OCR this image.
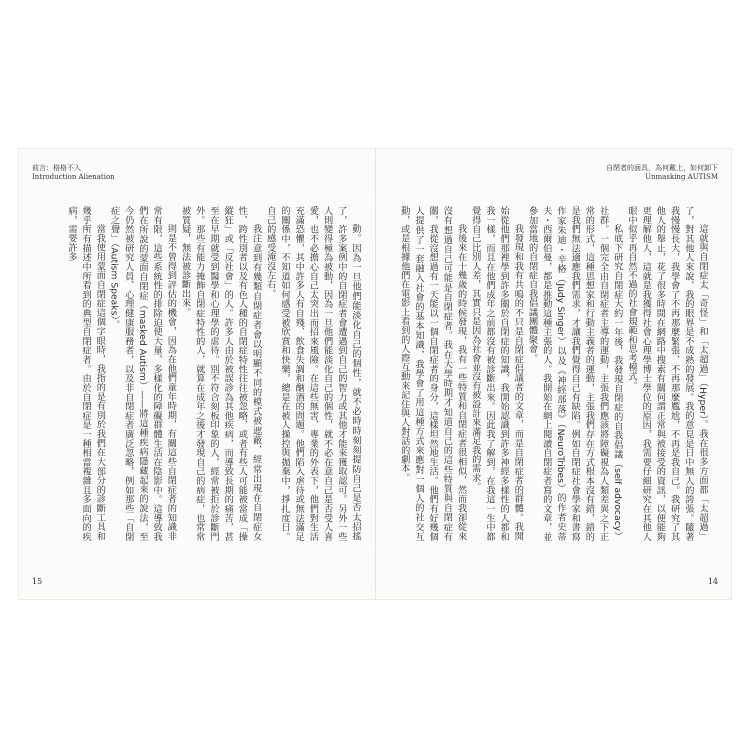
前言：格格不入
Introduction Alienation

動。因為一旦他們能淡化自己的個性，就不必時時刻刻提防自己是否太招搖了，許多案例中的自閉症者會遭遇到自己的智力或其他才能來獲取認可。另外一些人則變得極為被動，因為一旦他們能淡化自己的個性，就不必在意自己是否受人喜愛，也不必擔心自己太突出而招來風險。在這些無害、專業的外表下，他們對生活充滿恐懼，其中許多人有自殘、飲食失調和酗酒的問題。他們陷入虐待或無法滿足的關係中，不知道如何感受被欣賞和快樂，總是在被人操控與拋棄中，掙扎度日。自己的感受淹沒左右。

我注意到有幾類自閉症者會以明顯不同的模式被遮蔽，經常出現在自閉症女性、跨性別者以及有色人種的自閉症特性往往被忽略，或者有些人可能被當成「操縱狂」或「反社會」的人。許多人由於被誤診為其他疾病，而導致長期的痛苦，甚至在早期就受到醫學和心理學的虐待。別不符合刻板印象的人，經常被拒於診斷門外。那些有能力掩飾自閉症特性的人，就算在成年之後才發現自己的病症，也常常被質疑，無法被診斷出來。

則是不曾得到評估的機會，因為在他們童年時期，有關這些自閉症者的知識非常有限，這些系統性的排除迫使大量、多樣化的障礙群體生活在陰影中。這導致我們在所說的蒙面自閉症（masked Autism）——將這種疾病隱藏起來的說法，至今仍然被研究人員、心理健康服務者，以及非自閉症者廣泛忽略，例如那些「自閉症之聲」（Autism Speaks）。

當我使用蒙面自閉症這個字眼時，我指的是有別於我們在大部分的診斷工具和幾乎所有描述中所看到的典型自閉症者。由於自閉症是一種相當複雜且多面向的疾病，需要許多

15
自閉者的面具，為何戴上，如何卸下
Unmasking AUTISM

這就與自閉症太「奇怪」和「太超過」（Hyper）。我在很多方面都「太超過」了，對其他人來說，我的眼界是不成熟的發展。我的意見是日中無人的誇張。隨著我慢慢長大，我學會了不再那麼緊張、不再那麼尷尬，不再是我自己。我研究了其他人的舉止，花了很多時間在網路中搜索有關何謂正常與被接受的資訊，以便能夠更理解他人，這就是我獲得社會心理學博士學位的原因，我需要仔細研究在其他人眼中似乎再自然不過的社會規範和思考模式。

私底下研究自閉症大約一年後，我發現自閉症的自我倡議（self advocacy）社群。一個完全由自閉症者主導的運動，主張我們應該將障礙視為人類差異之下正常的形式，這種思想家和行動主義者的運動，主張我們存在方式根本沒有錯，錯的是我們無法適應我們需求，才讓我們覺得自己有缺陷。例如自閉症社會學家和書寫作家朱迪・辛格（Judy Singer）以及《神經部落》（NeuroTribes）的作者史蒂夫・西爾伯曼，都是推動這種主張的人。我開始在網上閱讀自閉症者寫的文章，並參加當地的自閉症自我倡議團體聚會。

我發現和我有共鳴的不只是自閉症倡議者的文章，而是自閉症者的群體。我開始從他們那裡學到許多關於自閉症的知識，我開始認識到許多神經多樣性的人都和我一樣，而且在他們成年之前都沒有被診斷出來。因此我了解到，在我這一生中都覺得自己比別人差，其實只是因為社會並沒有被設計來滿足我的需求。

我後來在十幾歲的時候發現，我有一些特質和自閉症者很相似，然而我卻從來沒有想過自己可能是自閉症者。我在大學時期才知道自己的這些特質與自閉症有關，我從沒想過有一天能以一個自閉症者的身分，這樣坦然地生活。他們有好幾個人提供了一套融入社會的基本知識，我學會了用這種方式來應對一個人的社交互動，或是根據他們在電影上看到的人際互動來記住與人對話的劇本。

14
